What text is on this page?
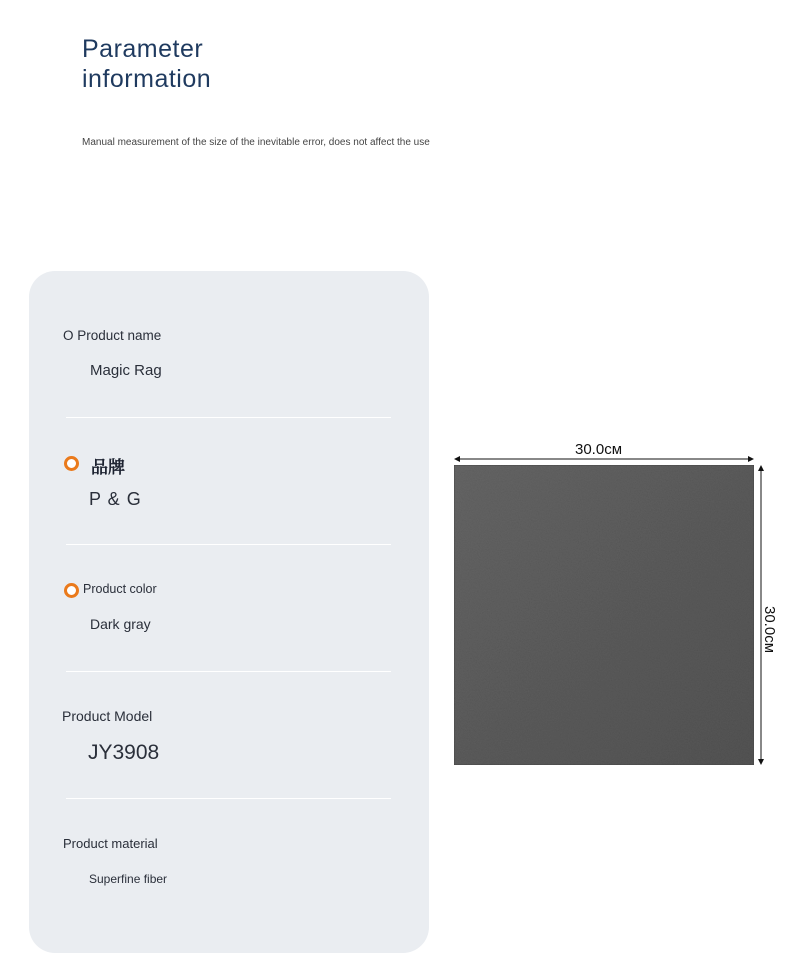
Parameter
information
Manual measurement of the size of the inevitable error, does not affect the use
O Product name
Magic Rag
品牌
P & G
Product color
Dark gray
Product Model
JY3908
Product material
Superfine fiber
30.0см
30.0см
